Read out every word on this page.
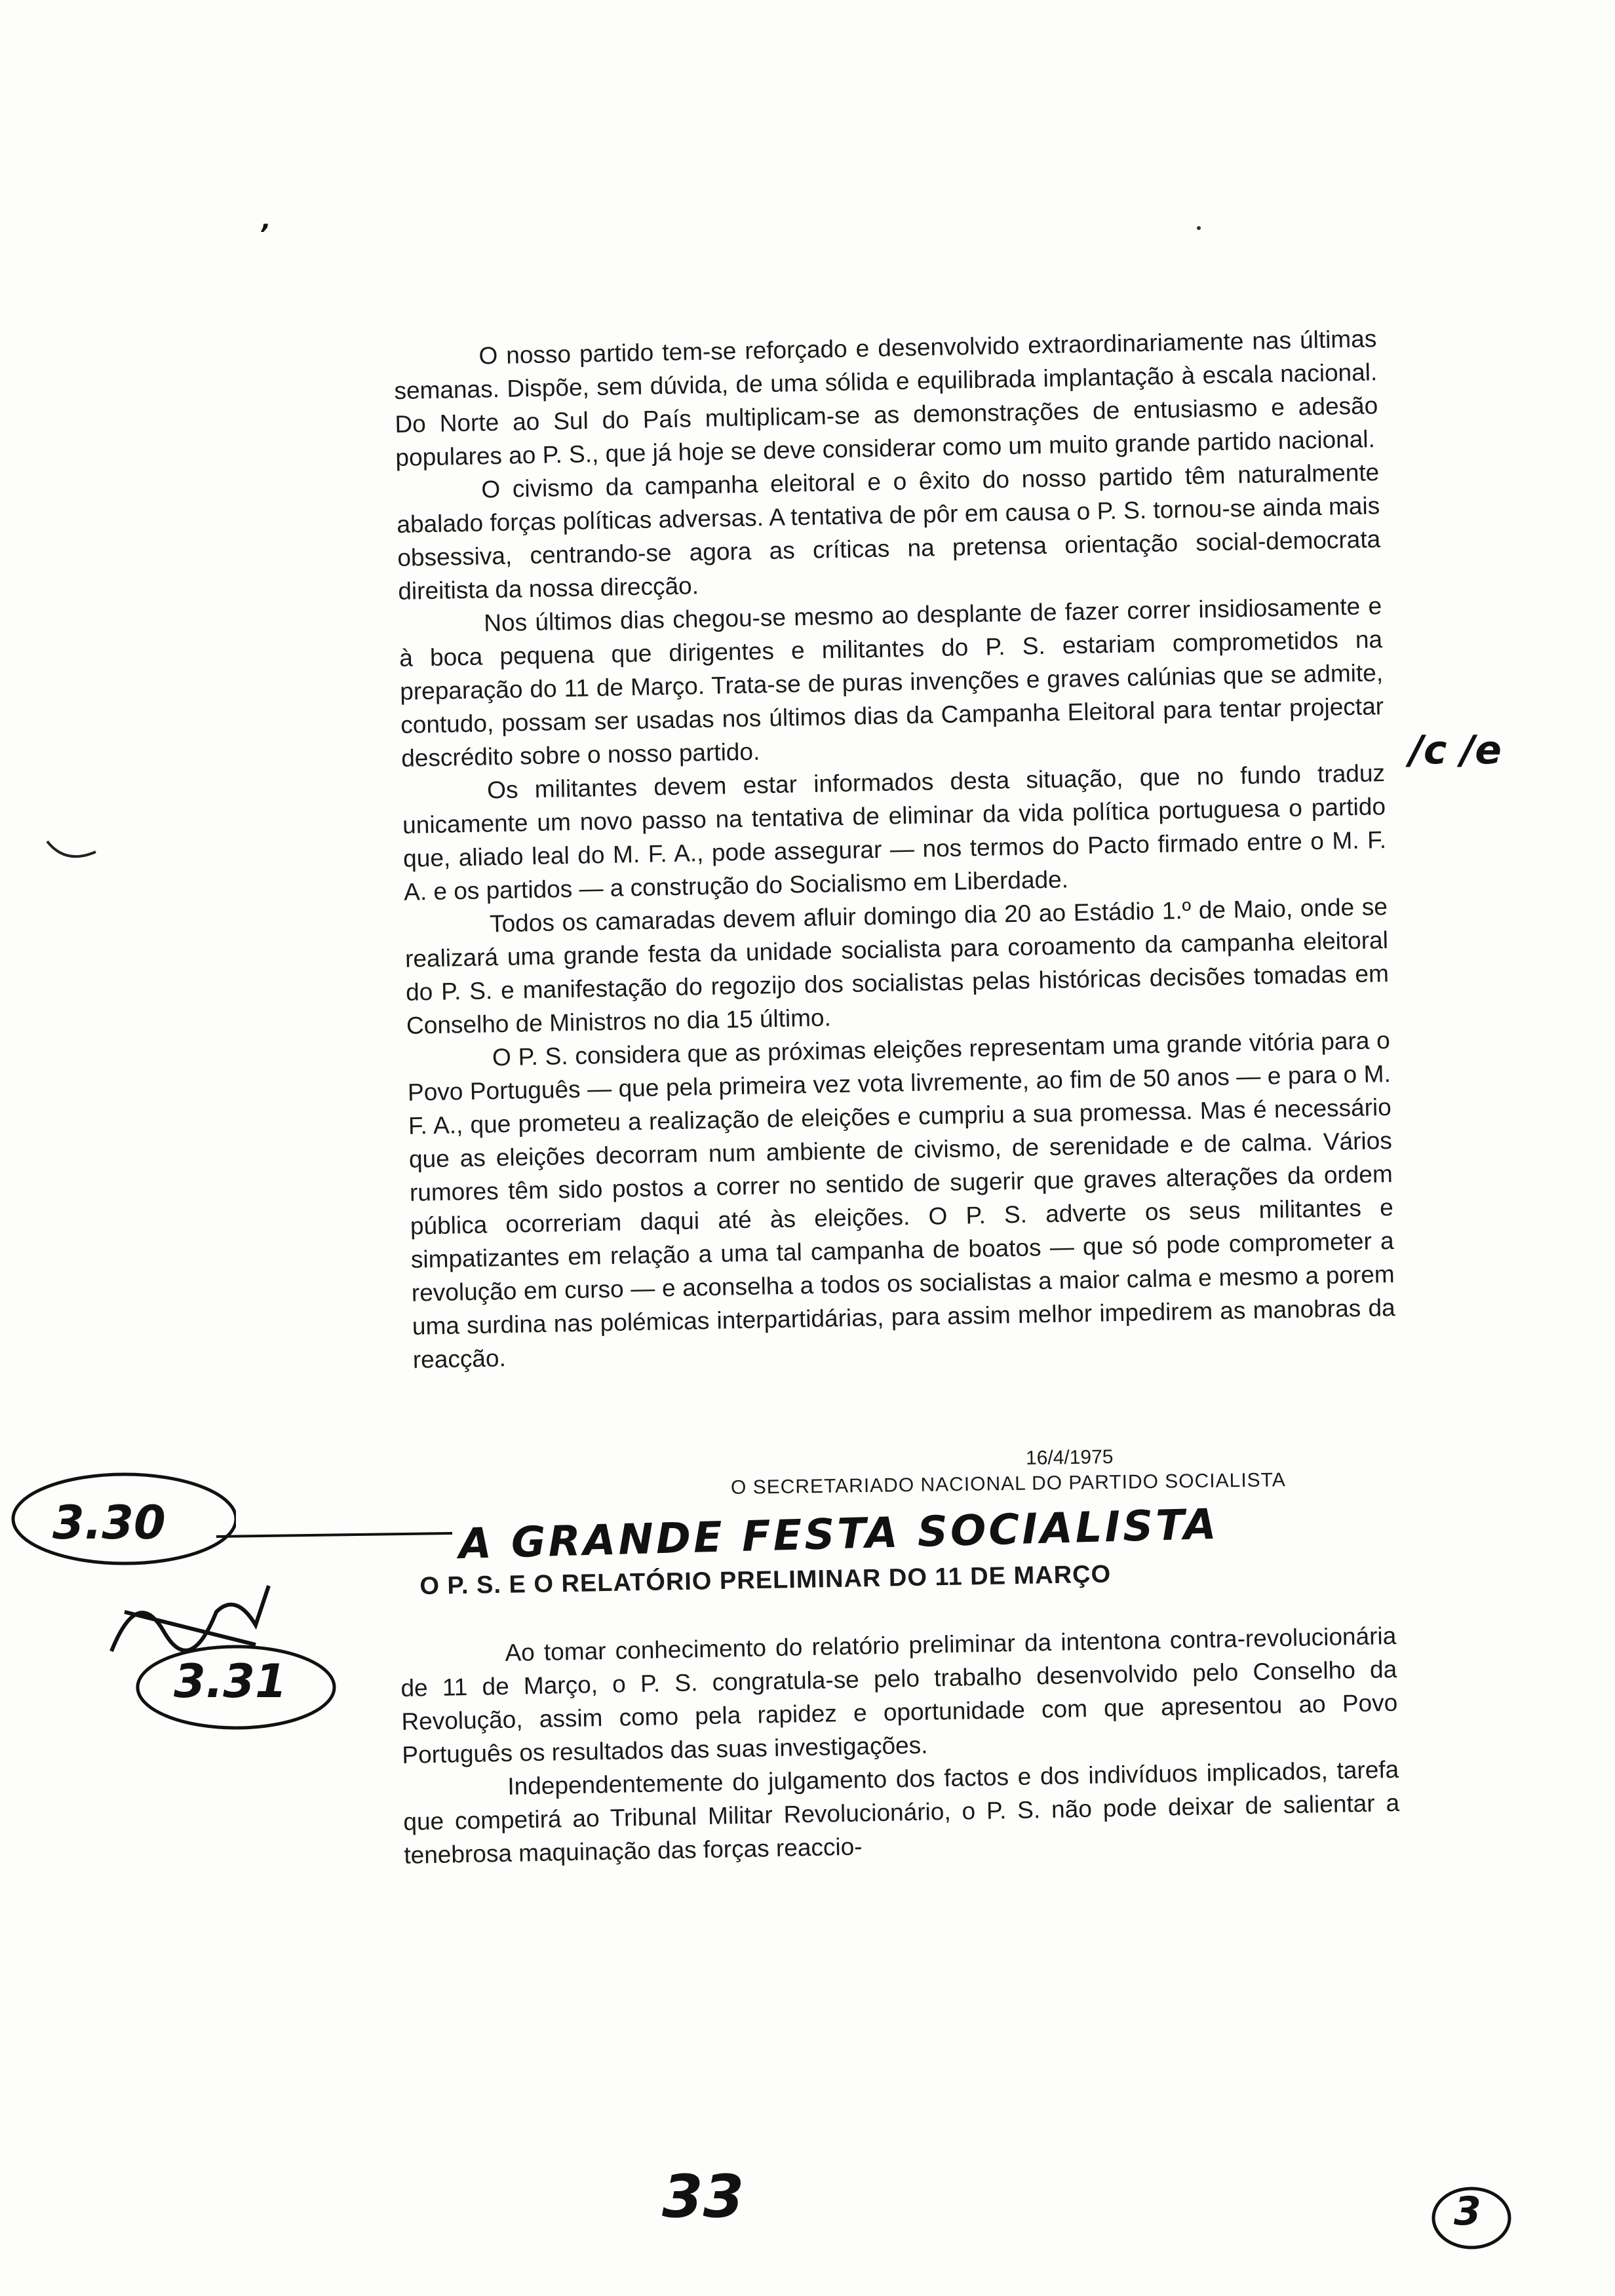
ʼ

O nosso partido tem-se reforçado e desenvolvido extraordinariamente nas últimas semanas. Dispõe, sem dúvida, de uma sólida e equilibrada implantação à escala nacional. Do Norte ao Sul do País multiplicam-se as demonstrações de entusiasmo e adesão populares ao P. S., que já hoje se deve considerar como um muito grande partido nacional.

O civismo da campanha eleitoral e o êxito do nosso partido têm naturalmente abalado forças políticas adversas. A tentativa de pôr em causa o P. S. tornou-se ainda mais obsessiva, centrando-se agora as críticas na pretensa orientação social-democrata direitista da nossa direcção.

Nos últimos dias chegou-se mesmo ao desplante de fazer correr insidiosamente e à boca pequena que dirigentes e militantes do P. S. estariam comprometidos na preparação do 11 de Março. Trata-se de puras invenções e graves calúnias que se admite, contudo, possam ser usadas nos últimos dias da Campanha Eleitoral para tentar projectar descrédito sobre o nosso partido.

Os militantes devem estar informados desta situação, que no fundo traduz unicamente um novo passo na tentativa de eliminar da vida política portuguesa o partido que, aliado leal do M. F. A., pode assegurar — nos termos do Pacto firmado entre o M. F. A. e os partidos — a construção do Socialismo em Liberdade.

Todos os camaradas devem afluir domingo dia 20 ao Estádio 1.º de Maio, onde se realizará uma grande festa da unidade socialista para coroamento da campanha eleitoral do P. S. e manifestação do regozijo dos socialistas pelas históricas decisões tomadas em Conselho de Ministros no dia 15 último.

O P. S. considera que as próximas eleições representam uma grande vitória para o Povo Português — que pela primeira vez vota livremente, ao fim de 50 anos — e para o M. F. A., que prometeu a realização de eleições e cumpriu a sua promessa. Mas é necessário que as eleições decorram num ambiente de civismo, de serenidade e de calma. Vários rumores têm sido postos a correr no sentido de sugerir que graves alterações da ordem pública ocorreriam daqui até às eleições. O P. S. adverte os seus militantes e simpatizantes em relação a uma tal campanha de boatos — que só pode comprometer a revolução em curso — e aconselha a todos os socialistas a maior calma e mesmo a porem uma surdina nas polémicas interpartidárias, para assim melhor impedirem as manobras da reacção.

/c /e
16/4/1975
O SECRETARIADO NACIONAL DO PARTIDO SOCIALISTA
3.30	A GRANDE FESTA SOCIALISTA
3.31
O P. S. E O RELATÓRIO PRELIMINAR DO 11 DE MARÇO

Ao tomar conhecimento do relatório preliminar da intentona contra-revolucionária de 11 de Março, o P. S. congratula-se pelo trabalho desenvolvido pelo Conselho da Revolução, assim como pela rapidez e oportunidade com que apresentou ao Povo Português os resultados das suas investigações.

Independentemente do julgamento dos factos e dos indivíduos implicados, tarefa que competirá ao Tribunal Militar Revolucionário, o P. S. não pode deixar de salientar a tenebrosa maquinação das forças reaccio-

33	3
